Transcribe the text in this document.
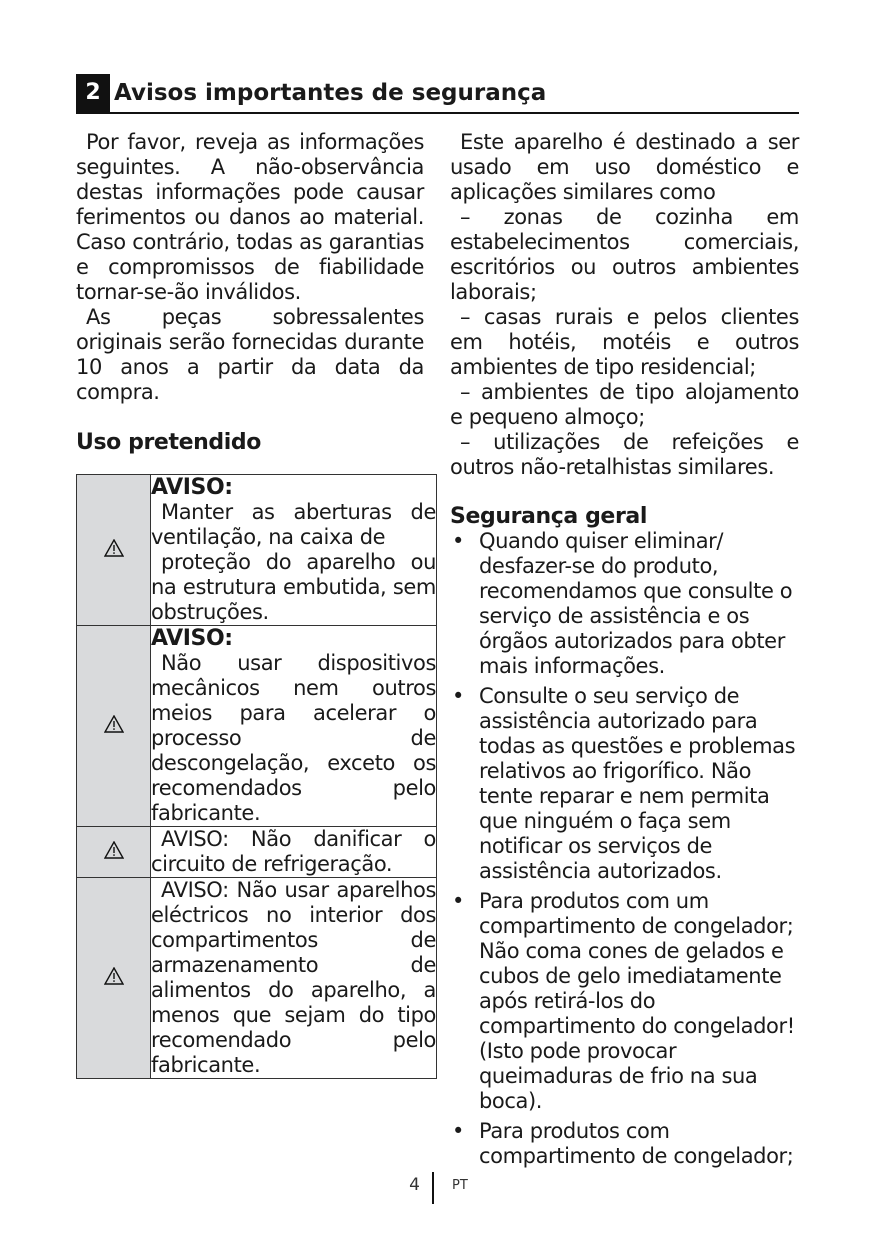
2 Avisos importantes de segurança

Por favor, reveja as informações seguintes. A não-observância destas informações pode causar ferimentos ou danos ao material. Caso contrário, todas as garantias e compromissos de fiabilidade tornar-se-ão inválidos.

As peças sobressalentes originais serão fornecidas durante 10 anos a partir da data da compra.

Uso pretendido

AVISO:
Manter as aberturas de ventilação, na caixa de
proteção do aparelho ou na estrutura embutida, sem obstruções.

AVISO:
Não usar dispositivos mecânicos nem outros meios para acelerar o processo de descongelação, exceto os recomendados pelo fabricante.

AVISO: Não danificar o circuito de refrigeração.

AVISO: Não usar aparelhos eléctricos no interior dos compartimentos de armazenamento de alimentos do aparelho, a menos que sejam do tipo recomendado pelo fabricante.

Este aparelho é destinado a ser usado em uso doméstico e aplicações similares como

– zonas de cozinha em estabelecimentos comerciais, escritórios ou outros ambientes laborais;

– casas rurais e pelos clientes em hotéis, motéis e outros ambientes de tipo residencial;

– ambientes de tipo alojamento e pequeno almoço;

– utilizações de refeições e outros não-retalhistas similares.

Segurança geral
• Quando quiser eliminar/ desfazer-se do produto, recomendamos que consulte o serviço de assistência e os órgãos autorizados para obter mais informações.
• Consulte o seu serviço de assistência autorizado para todas as questões e problemas relativos ao frigorífico. Não tente reparar e nem permita que ninguém o faça sem notificar os serviços de assistência autorizados.
• Para produtos com um compartimento de congelador; Não coma cones de gelados e cubos de gelo imediatamente após retirá-los do compartimento do congelador! (Isto pode provocar queimaduras de frio na sua boca).
• Para produtos com compartimento de congelador;
4 PT
